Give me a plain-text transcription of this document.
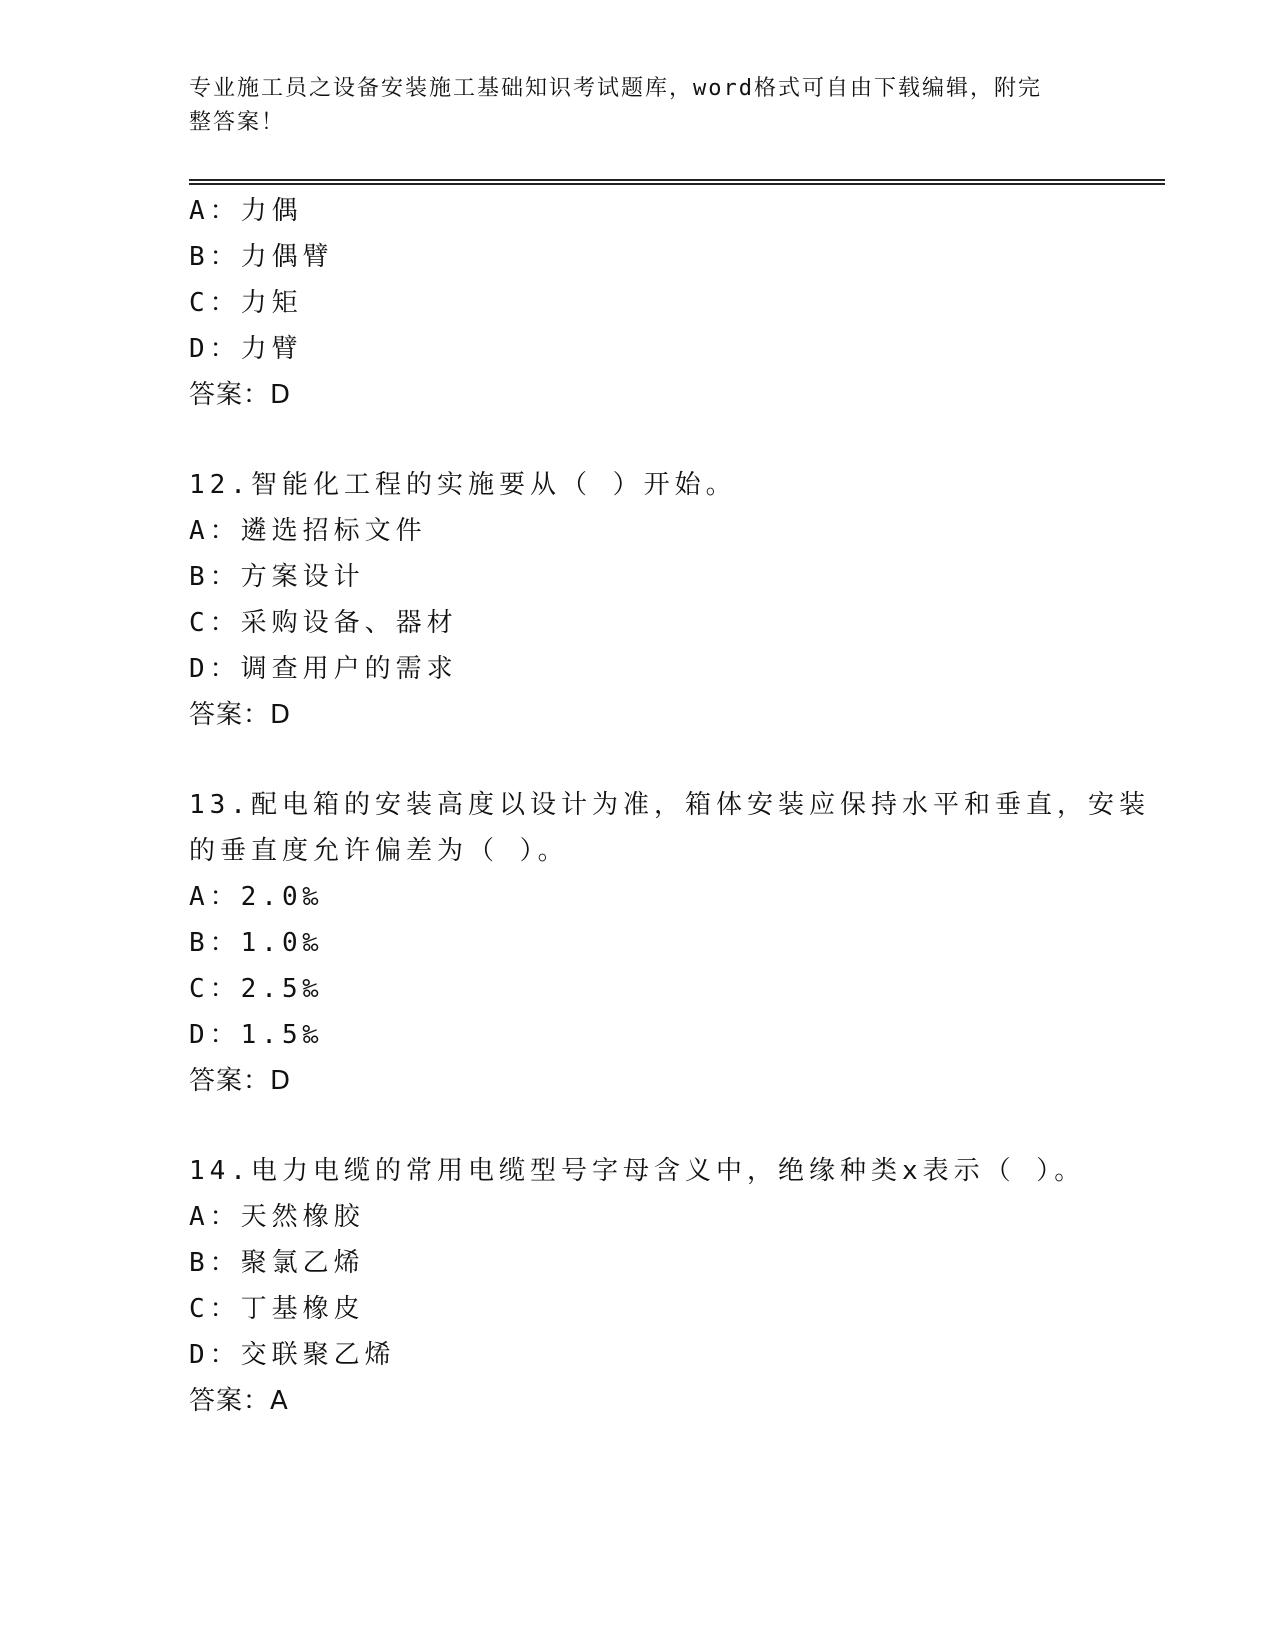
专业施工员之设备安装施工基础知识考试题库，word格式可自由下载编辑，附完
整答案！
A：力偶
B：力偶臂
C：力矩
D：力臂
答案：D
12.智能化工程的实施要从（ ）开始。
A：遴选招标文件
B：方案设计
C：采购设备、器材
D：调查用户的需求
答案：D
13.配电箱的安装高度以设计为准，箱体安装应保持水平和垂直，安装
的垂直度允许偏差为（ ）。
A：2.0‰
B：1.0‰
C：2.5‰
D：1.5‰
答案：D
14.电力电缆的常用电缆型号字母含义中，绝缘种类x表示（ ）。
A：天然橡胶
B：聚氯乙烯
C：丁基橡皮
D：交联聚乙烯
答案：A
